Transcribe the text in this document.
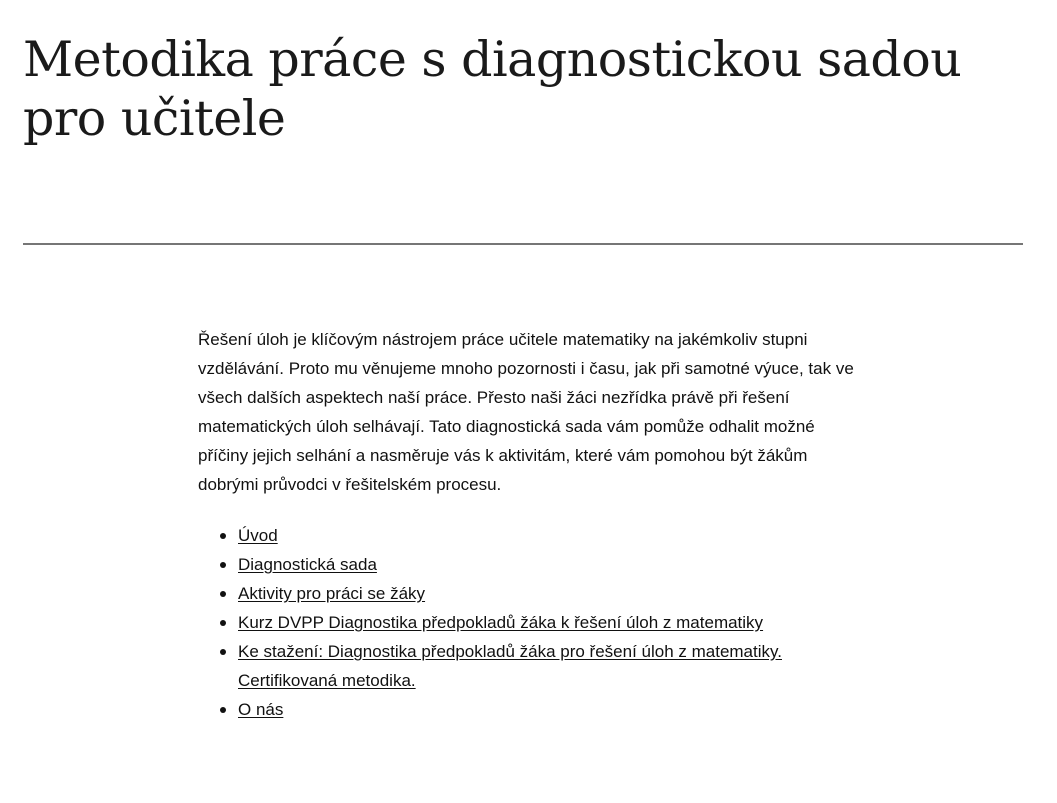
Metodika práce s diagnostickou sadou pro učitele

Řešení úloh je klíčovým nástrojem práce učitele matematiky na jakémkoliv stupni vzdělávání. Proto mu věnujeme mnoho pozornosti i času, jak při samotné výuce, tak ve všech dalších aspektech naší práce. Přesto naši žáci nezřídka právě při řešení matematických úloh selhávají. Tato diagnostická sada vám pomůže odhalit možné příčiny jejich selhání a nasměruje vás k aktivitám, které vám pomohou být žákům dobrými průvodci v řešitelském procesu.

Úvod
Diagnostická sada
Aktivity pro práci se žáky
Kurz DVPP Diagnostika předpokladů žáka k řešení úloh z matematiky
Ke stažení: Diagnostika předpokladů žáka pro řešení úloh z matematiky. Certifikovaná metodika.
O nás
